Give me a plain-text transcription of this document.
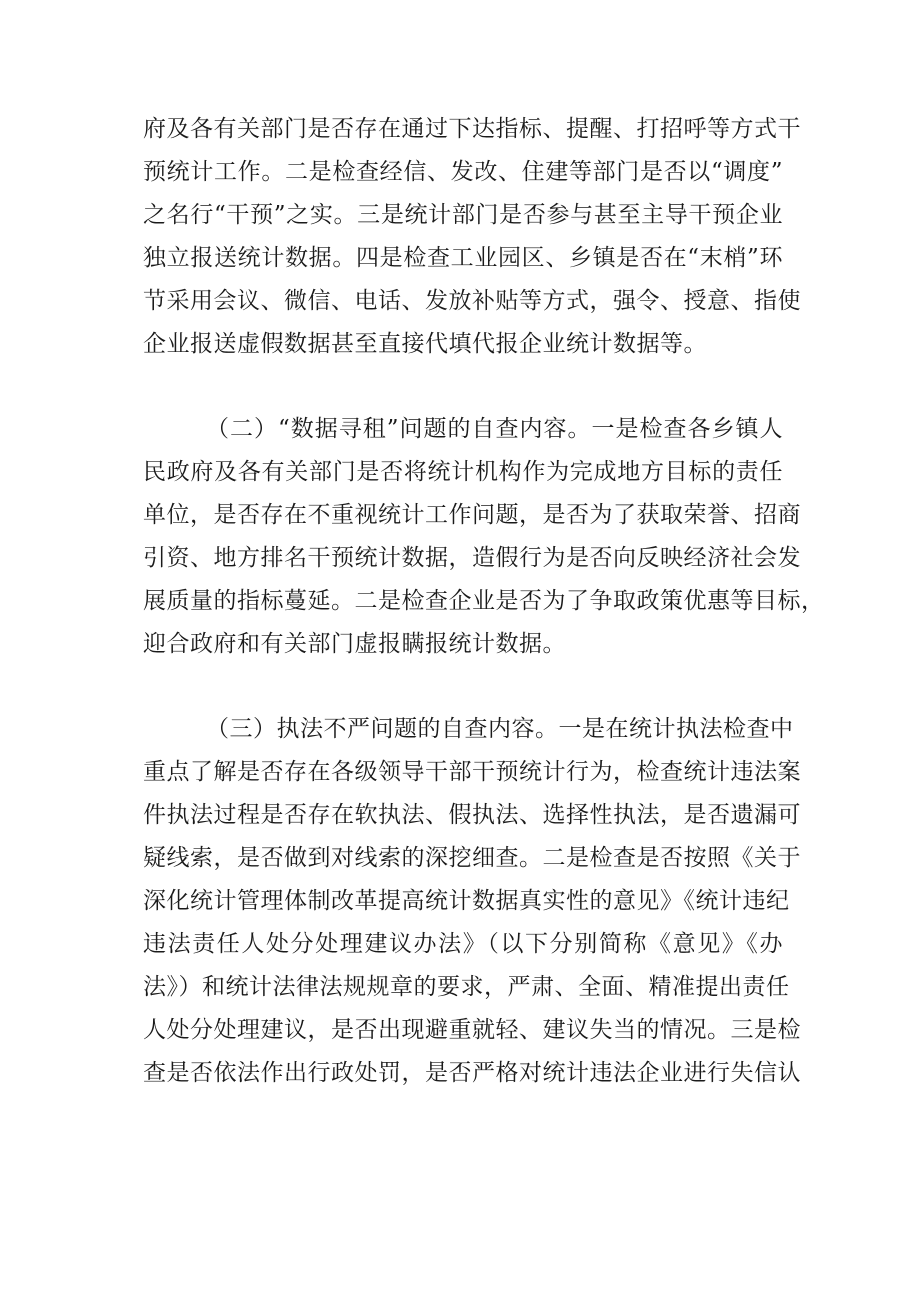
府及各有关部门是否存在通过下达指标、提醒、打招呼等方式干
预统计工作。二是检查经信、发改、住建等部门是否以“调度”
之名行“干预”之实。三是统计部门是否参与甚至主导干预企业
独立报送统计数据。四是检查工业园区、乡镇是否在“末梢”环
节采用会议、微信、电话、发放补贴等方式，强令、授意、指使
企业报送虚假数据甚至直接代填代报企业统计数据等。
（二）“数据寻租”问题的自查内容。一是检查各乡镇人
民政府及各有关部门是否将统计机构作为完成地方目标的责任
单位，是否存在不重视统计工作问题，是否为了获取荣誉、招商
引资、地方排名干预统计数据，造假行为是否向反映经济社会发
展质量的指标蔓延。二是检查企业是否为了争取政策优惠等目标，
迎合政府和有关部门虚报瞒报统计数据。
（三）执法不严问题的自查内容。一是在统计执法检查中
重点了解是否存在各级领导干部干预统计行为，检查统计违法案
件执法过程是否存在软执法、假执法、选择性执法，是否遗漏可
疑线索，是否做到对线索的深挖细查。二是检查是否按照《关于
深化统计管理体制改革提高统计数据真实性的意见》《统计违纪
违法责任人处分处理建议办法》（以下分别简称《意见》《办
法》）和统计法律法规规章的要求，严肃、全面、精准提出责任
人处分处理建议，是否出现避重就轻、建议失当的情况。三是检
查是否依法作出行政处罚，是否严格对统计违法企业进行失信认
